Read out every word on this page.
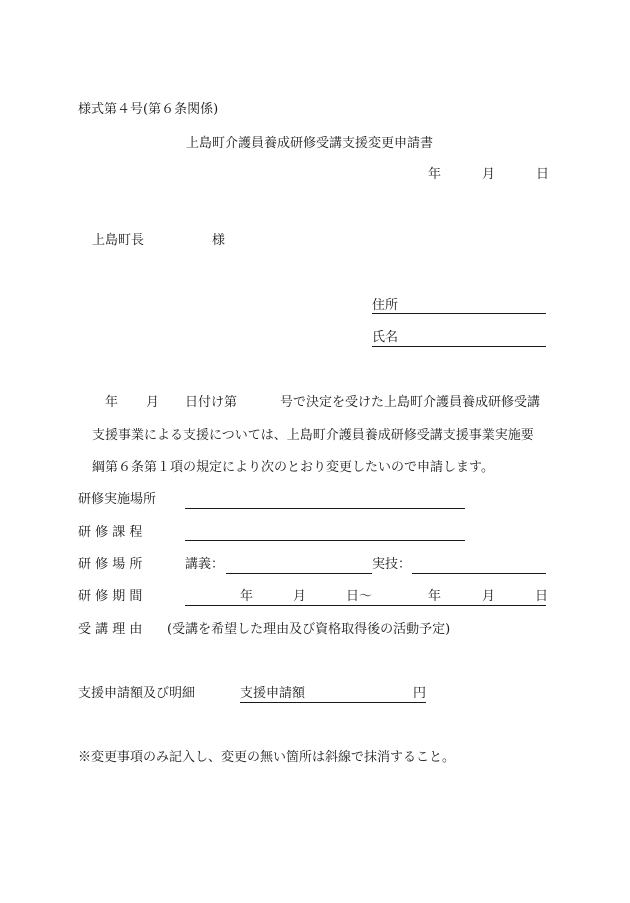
様式第４号(第６条関係)
上島町介護員養成研修受講支援変更申請書
年	月	日
上島町長	様
住所
氏名
年 月 日付け第	号で決定を受けた上島町介護員養成研修受講
支援事業による支援については、上島町介護員養成研修受講支援事業実施要
綱第６条第１項の規定により次のとおり変更したいので申請します。
研修実施場所
研 修 課 程
研 修 場 所	講義：	実技：
研 修 期 間	年	月	日～	年	月	日
受 講 理 由 (受講を希望した理由及び資格取得後の活動予定)
支援申請額及び明細	支援申請額	円
※変更事項のみ記入し、変更の無い箇所は斜線で抹消すること。
